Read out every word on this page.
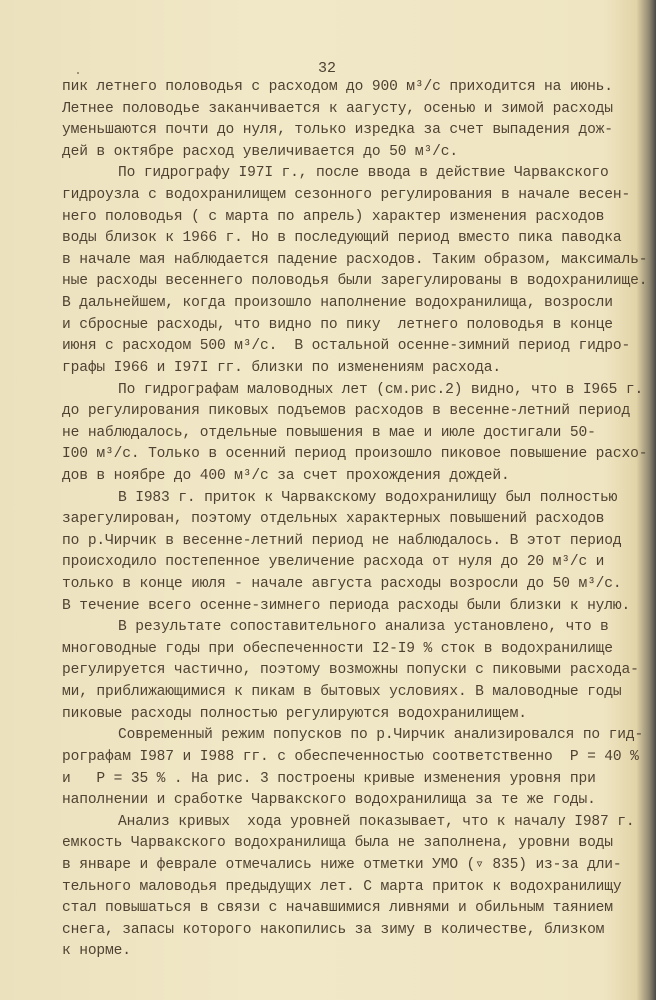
32
пик летнего половодья с расходом до 900 м³/с приходится на июнь.
Летнее половодье заканчивается к аагусту, осенью и зимой расходы
уменьшаются почти до нуля, только изредка за счет выпадения дож-
дей в октябре расход увеличивается до 50 м³/с.
По гидрографу I97I г., после ввода в действие Чарвакского
гидроузла с водохранилищем сезонного регулирования в начале весен-
него половодья ( с марта по апрель) характер изменения расходов
воды близок к 1966 г. Но в последующий период вместо пика паводка
в начале мая наблюдается падение расходов. Таким образом, максималь-
ные расходы весеннего половодья были зарегулированы в водохранилище.
В дальнейшем, когда произошло наполнение водохранилища, возросли
и сбросные расходы, что видно по пику  летнего половодья в конце
июня с расходом 500 м³/с.  В остальной осенне-зимний период гидро-
графы I966 и I97I гг. близки по изменениям расхода.
По гидрографам маловодных лет (см.рис.2) видно, что в I965 г.
до регулирования пиковых подъемов расходов в весенне-летний период
не наблюдалось, отдельные повышения в мае и июле достигали 50-
I00 м³/с. Только в осенний период произошло пиковое повышение расхо-
дов в ноябре до 400 м³/с за счет прохождения дождей.
В I983 г. приток к Чарвакскому водохранилищу был полностью
зарегулирован, поэтому отдельных характерных повышений расходов
по р.Чирчик в весенне-летний период не наблюдалось. В этот период
происходило постепенное увеличение расхода от нуля до 20 м³/с и
только в конце июля - начале августа расходы возросли до 50 м³/с.
В течение всего осенне-зимнего периода расходы были близки к нулю.
В результате сопоставительного анализа установлено, что в
многоводные годы при обеспеченности I2-I9 % сток в водохранилище
регулируется частично, поэтому возможны попуски с пиковыми расхода-
ми, приближающимися к пикам в бытовых условиях. В маловодные годы
пиковые расходы полностью регулируются водохранилищем.
Современный режим попусков по р.Чирчик анализировался по гид-
рографам I987 и I988 гг. с обеспеченностью соответственно  P = 40 %
и   P = 35 % . На рис. 3 построены кривые изменения уровня при
наполнении и сработке Чарвакского водохранилища за те же годы.
Анализ кривых  хода уровней показывает, что к началу I987 г.
емкость Чарвакского водохранилища была не заполнена, уровни воды
в январе и феврале отмечались ниже отметки УМО (▿ 835) из-за дли-
тельного маловодья предыдущих лет. С марта приток к водохранилищу
стал повышаться в связи с начавшимися ливнями и обильным таянием
снега, запасы которого накопились за зиму в количестве, близком
к норме.
